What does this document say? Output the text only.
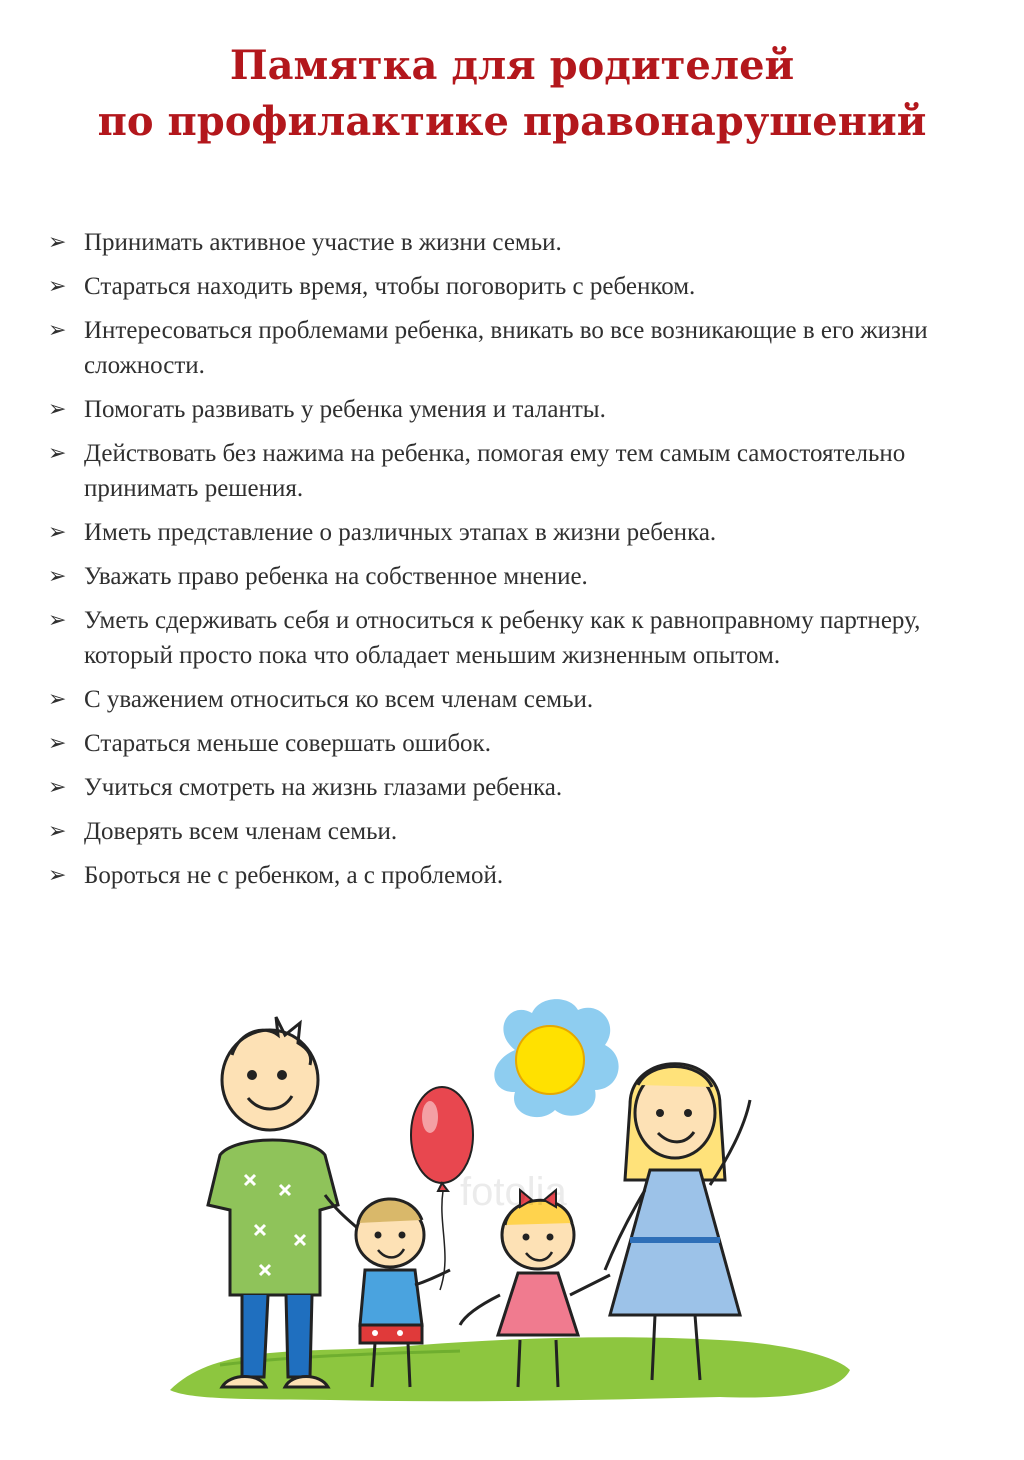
Памятка для родителей
по профилактике правонарушений
➢ Принимать активное участие в жизни семьи.
➢ Стараться находить время, чтобы поговорить с ребенком.
➢ Интересоваться проблемами ребенка, вникать во все возникающие в его жизни сложности.
➢ Помогать развивать у ребенка умения и таланты.
➢ Действовать без нажима на ребенка, помогая ему тем самым самостоятельно принимать решения.
➢ Иметь представление о различных этапах в жизни ребенка.
➢ Уважать право ребенка на собственное мнение.
➢ Уметь сдерживать себя и относиться к ребенку как к равноправному партнеру, который просто пока что обладает меньшим жизненным опытом.
➢ С уважением относиться ко всем членам семьи.
➢ Стараться меньше совершать ошибок.
➢ Учиться смотреть на жизнь глазами ребенка.
➢ Доверять всем членам семьи.
➢ Бороться не с ребенком, а с проблемой.
fotolia
